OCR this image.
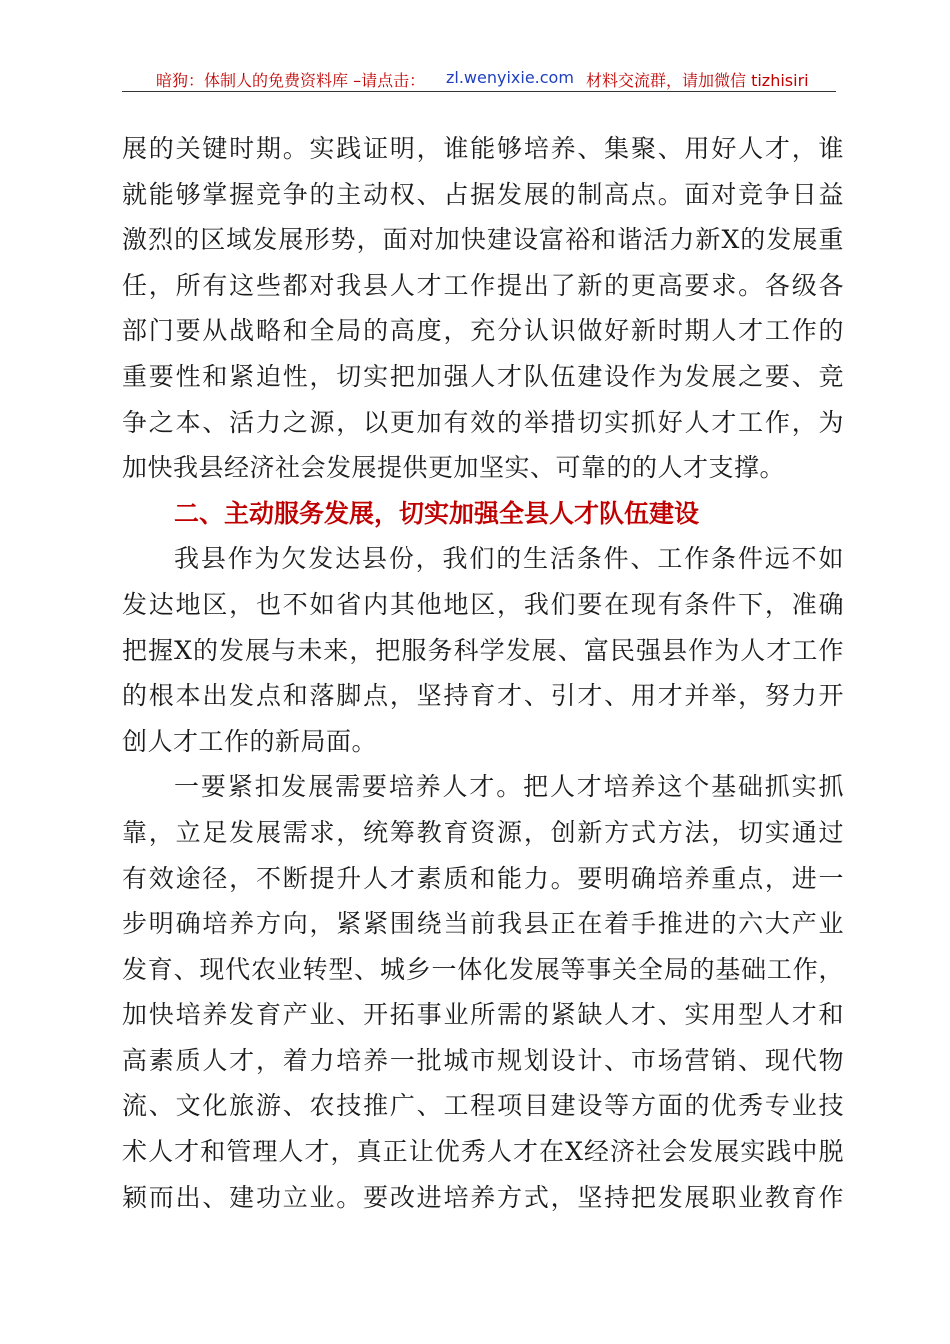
暗狗：体制人的免费资料库 –请点击： zl.wenyixie.com 材料交流群，请加微信 tizhisiri
展的关键时期。实践证明，谁能够培养、集聚、用好人才，谁
就能够掌握竞争的主动权、占据发展的制高点。面对竞争日益
激烈的区域发展形势，面对加快建设富裕和谐活力新X的发展重
任，所有这些都对我县人才工作提出了新的更高要求。各级各
部门要从战略和全局的高度，充分认识做好新时期人才工作的
重要性和紧迫性，切实把加强人才队伍建设作为发展之要、竞
争之本、活力之源，以更加有效的举措切实抓好人才工作，为
加快我县经济社会发展提供更加坚实、可靠的的人才支撑。
二、主动服务发展，切实加强全县人才队伍建设
我县作为欠发达县份，我们的生活条件、工作条件远不如
发达地区，也不如省内其他地区，我们要在现有条件下，准确
把握X的发展与未来，把服务科学发展、富民强县作为人才工作
的根本出发点和落脚点，坚持育才、引才、用才并举，努力开
创人才工作的新局面。
一要紧扣发展需要培养人才。把人才培养这个基础抓实抓
靠，立足发展需求，统筹教育资源，创新方式方法，切实通过
有效途径，不断提升人才素质和能力。要明确培养重点，进一
步明确培养方向，紧紧围绕当前我县正在着手推进的六大产业
发育、现代农业转型、城乡一体化发展等事关全局的基础工作，
加快培养发育产业、开拓事业所需的紧缺人才、实用型人才和
高素质人才，着力培养一批城市规划设计、市场营销、现代物
流、文化旅游、农技推广、工程项目建设等方面的优秀专业技
术人才和管理人才，真正让优秀人才在X经济社会发展实践中脱
颖而出、建功立业。要改进培养方式，坚持把发展职业教育作
